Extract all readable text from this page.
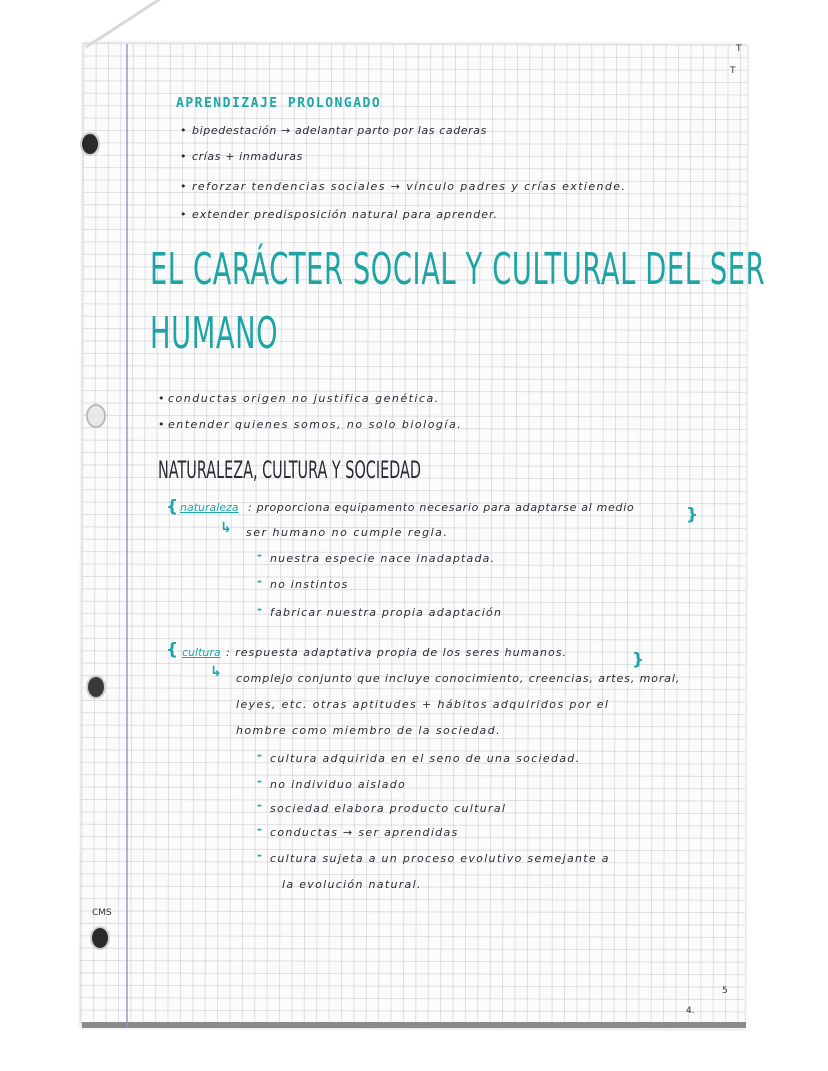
APRENDIZAJE PROLONGADO
• bipedestación → adelantar parto por las caderas
• crías + inmaduras
• reforzar tendencias sociales → vínculo padres y crías extiende.
• extender predisposición natural para aprender.
EL CARÁCTER SOCIAL Y CULTURAL DEL SER
HUMANO
• conductas origen no justifica genética.
• entender quienes somos, no solo biología.
NATURALEZA, CULTURA Y SOCIEDAD
{ naturaleza : proporciona equipamento necesario para adaptarse al medio	}
↳ ser humano no cumple regla.
- nuestra especie nace inadaptada.
- no instintos
- fabricar nuestra propia adaptación
{ cultura : respuesta adaptativa propia de los seres humanos.	}
↳ complejo conjunto que incluye conocimiento, creencias, artes, moral,
leyes, etc. otras aptitudes + hábitos adquiridos por el
hombre como miembro de la sociedad.
- cultura adquirida en el seno de una sociedad.
- no individuo aislado
- sociedad elabora producto cultural
- conductas → ser aprendidas
- cultura sujeta a un proceso evolutivo semejante a
la evolución natural.
CMS
4.
5
T
T
